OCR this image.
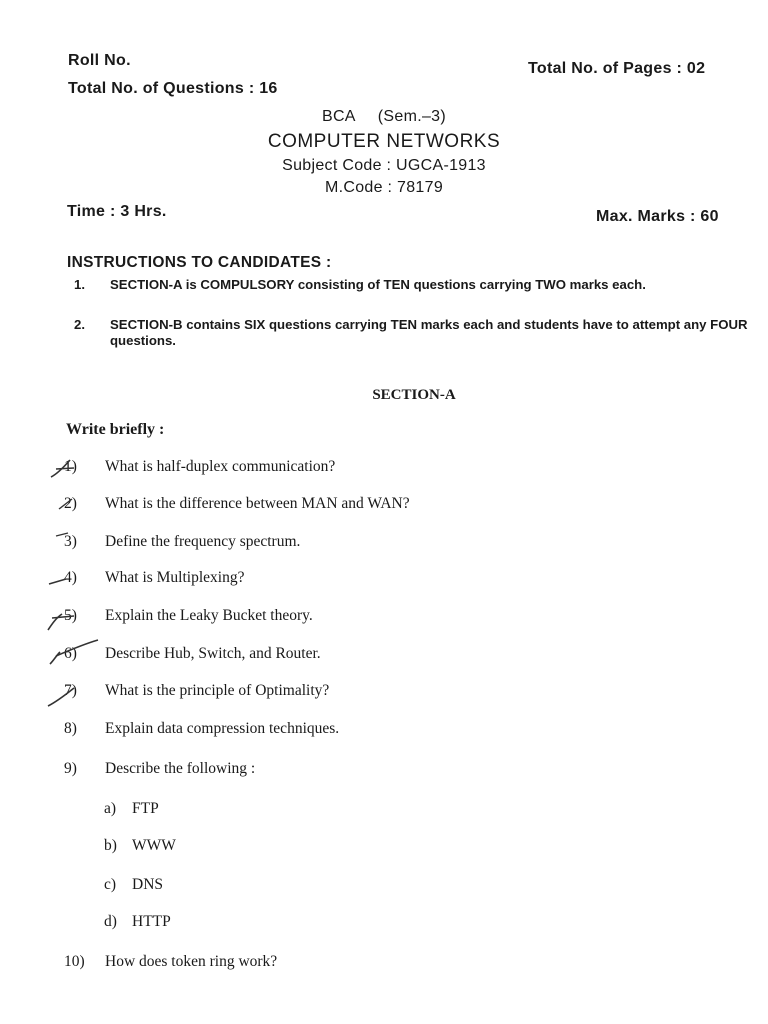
Roll No.	Total No. of Pages : 02
Total No. of Questions : 16
BCA (Sem.–3)
COMPUTER NETWORKS
Subject Code : UGCA-1913
M.Code : 78179
Time : 3 Hrs.	Max. Marks : 60
INSTRUCTIONS TO CANDIDATES :
1. SECTION-A is COMPULSORY consisting of TEN questions carrying TWO marks each.
2. SECTION-B contains SIX questions carrying TEN marks each and students have to attempt any FOUR questions.
SECTION-A
Write briefly :
1)	What is half-duplex communication?
2)	What is the difference between MAN and WAN?
3)	Define the frequency spectrum.
4)	What is Multiplexing?
5)	Explain the Leaky Bucket theory.
6)	Describe Hub, Switch, and Router.
7)	What is the principle of Optimality?
8)	Explain data compression techniques.
9)	Describe the following :
a)	FTP
b) WWW
c)	DNS
d) HTTP
10)	How does token ring work?
